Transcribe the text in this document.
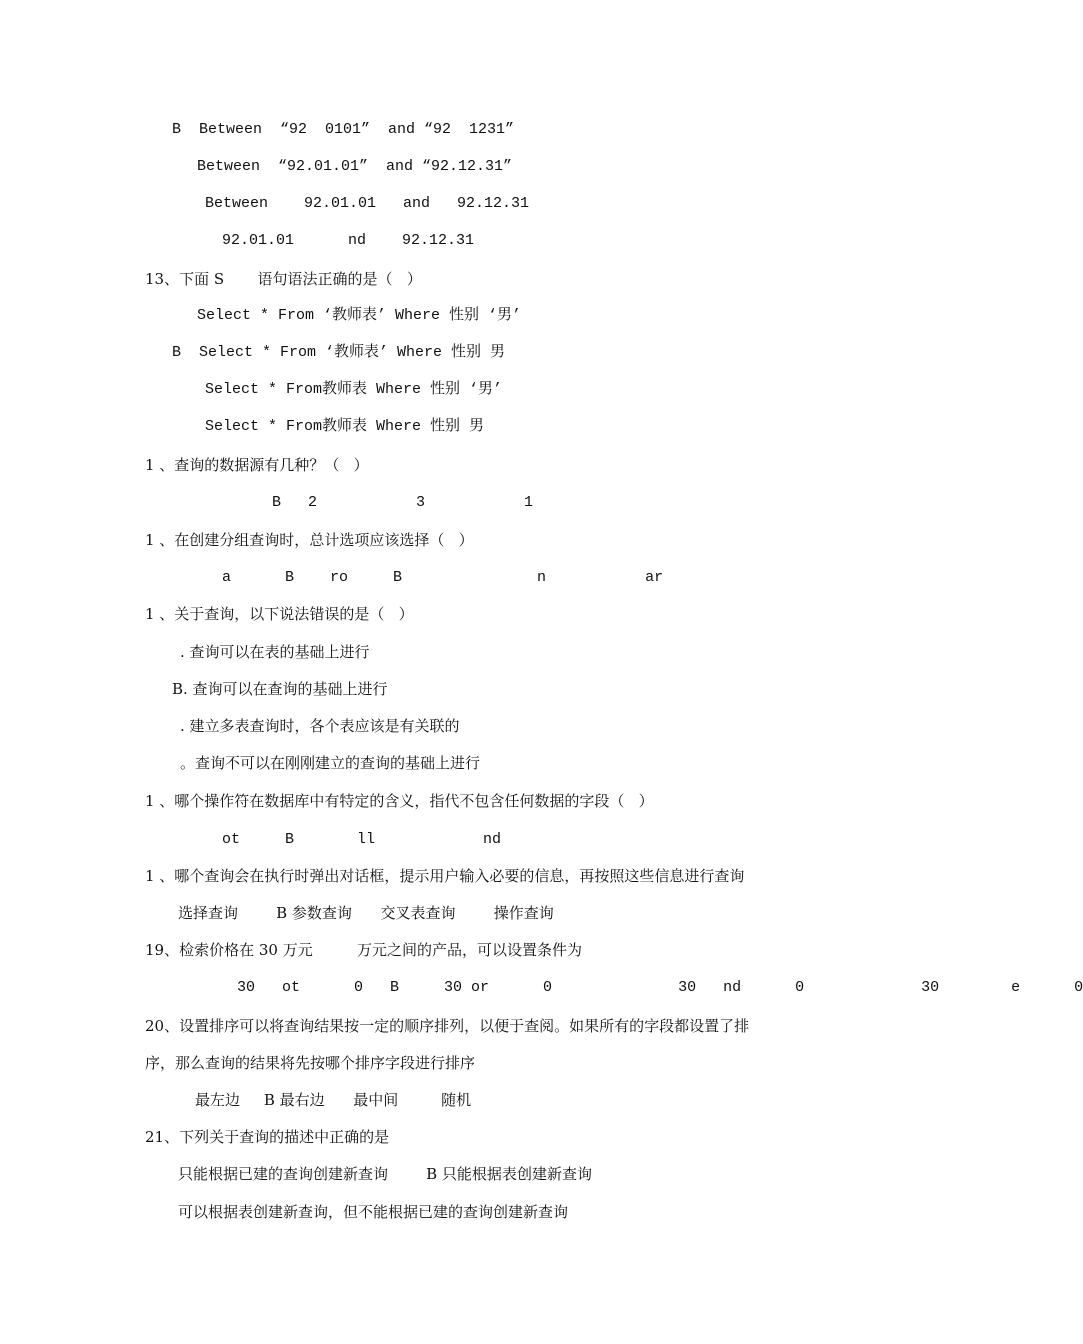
B  Between  “92  0101”  and “92  1231”
Between  “92.01.01”  and “92.12.31”
Between    92.01.01   and   92.12.31
92.01.01      nd    92.12.31
13、下面 S       语句语法正确的是（   ）
Select * From ‘教师表’ Where 性别 ‘男’
B  Select * From ‘教师表’ Where 性别 男
Select * From教师表 Where 性别 ‘男’
Select * From教师表 Where 性别 男
1 、查询的数据源有几种？（   ）
B   2           3           1
1 、在创建分组查询时，总计选项应该选择（   ）
a      B    ro     B               n           ar
1 、关于查询，以下说法错误的是（   ）
. 查询可以在表的基础上进行
B. 查询可以在查询的基础上进行
. 建立多表查询时，各个表应该是有关联的
。查询不可以在刚刚建立的查询的基础上进行
1 、哪个操作符在数据库中有特定的含义，指代不包含任何数据的字段（   ）
ot     B       ll            nd
1 、哪个查询会在执行时弹出对话框，提示用户输入必要的信息，再按照这些信息进行查询
选择查询        B 参数查询      交叉表查询        操作查询
19、检索价格在 30 万元	万元之间的产品，可以设置条件为
30   ot      0   B     30 or      0              30   nd      0             30        e      0
20、设置排序可以将查询结果按一定的顺序排列，以便于查阅。如果所有的字段都设置了排
序，那么查询的结果将先按哪个排序字段进行排序
最左边     B 最右边      最中间         随机
21、下列关于查询的描述中正确的是
只能根据已建的查询创建新查询        B 只能根据表创建新查询
可以根据表创建新查询，但不能根据已建的查询创建新查询
